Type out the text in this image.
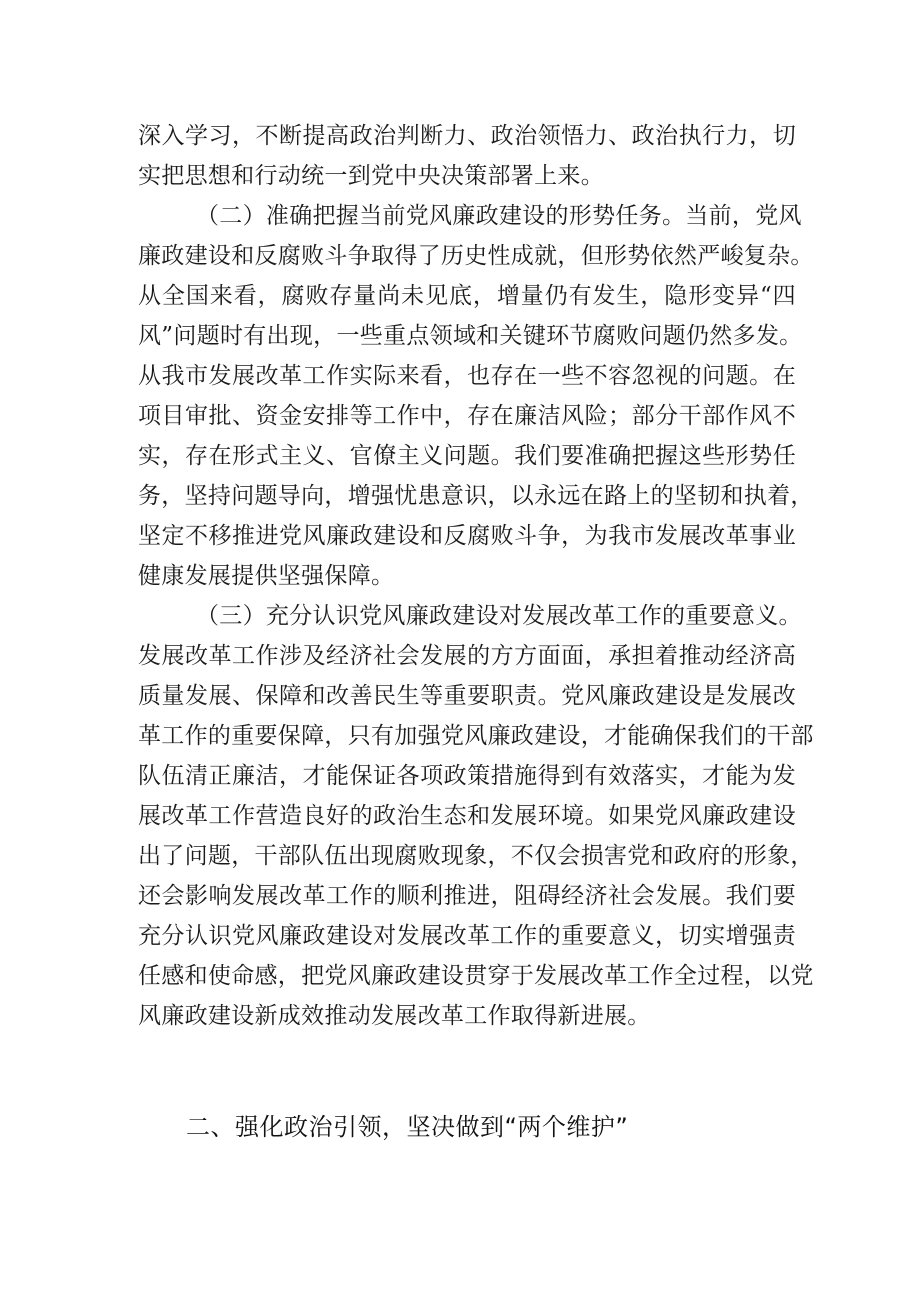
深入学习，不断提高政治判断力、政治领悟力、政治执行力，切
实把思想和行动统一到党中央决策部署上来。
（二）准确把握当前党风廉政建设的形势任务。当前，党风
廉政建设和反腐败斗争取得了历史性成就，但形势依然严峻复杂。
从全国来看，腐败存量尚未见底，增量仍有发生，隐形变异“四
风”问题时有出现，一些重点领域和关键环节腐败问题仍然多发。
从我市发展改革工作实际来看，也存在一些不容忽视的问题。在
项目审批、资金安排等工作中，存在廉洁风险；部分干部作风不
实，存在形式主义、官僚主义问题。我们要准确把握这些形势任
务，坚持问题导向，增强忧患意识，以永远在路上的坚韧和执着，
坚定不移推进党风廉政建设和反腐败斗争，为我市发展改革事业
健康发展提供坚强保障。
（三）充分认识党风廉政建设对发展改革工作的重要意义。
发展改革工作涉及经济社会发展的方方面面，承担着推动经济高
质量发展、保障和改善民生等重要职责。党风廉政建设是发展改
革工作的重要保障，只有加强党风廉政建设，才能确保我们的干部
队伍清正廉洁，才能保证各项政策措施得到有效落实，才能为发
展改革工作营造良好的政治生态和发展环境。如果党风廉政建设
出了问题，干部队伍出现腐败现象，不仅会损害党和政府的形象，
还会影响发展改革工作的顺利推进，阻碍经济社会发展。我们要
充分认识党风廉政建设对发展改革工作的重要意义，切实增强责
任感和使命感，把党风廉政建设贯穿于发展改革工作全过程，以党
风廉政建设新成效推动发展改革工作取得新进展。
二、强化政治引领，坚决做到“两个维护”
